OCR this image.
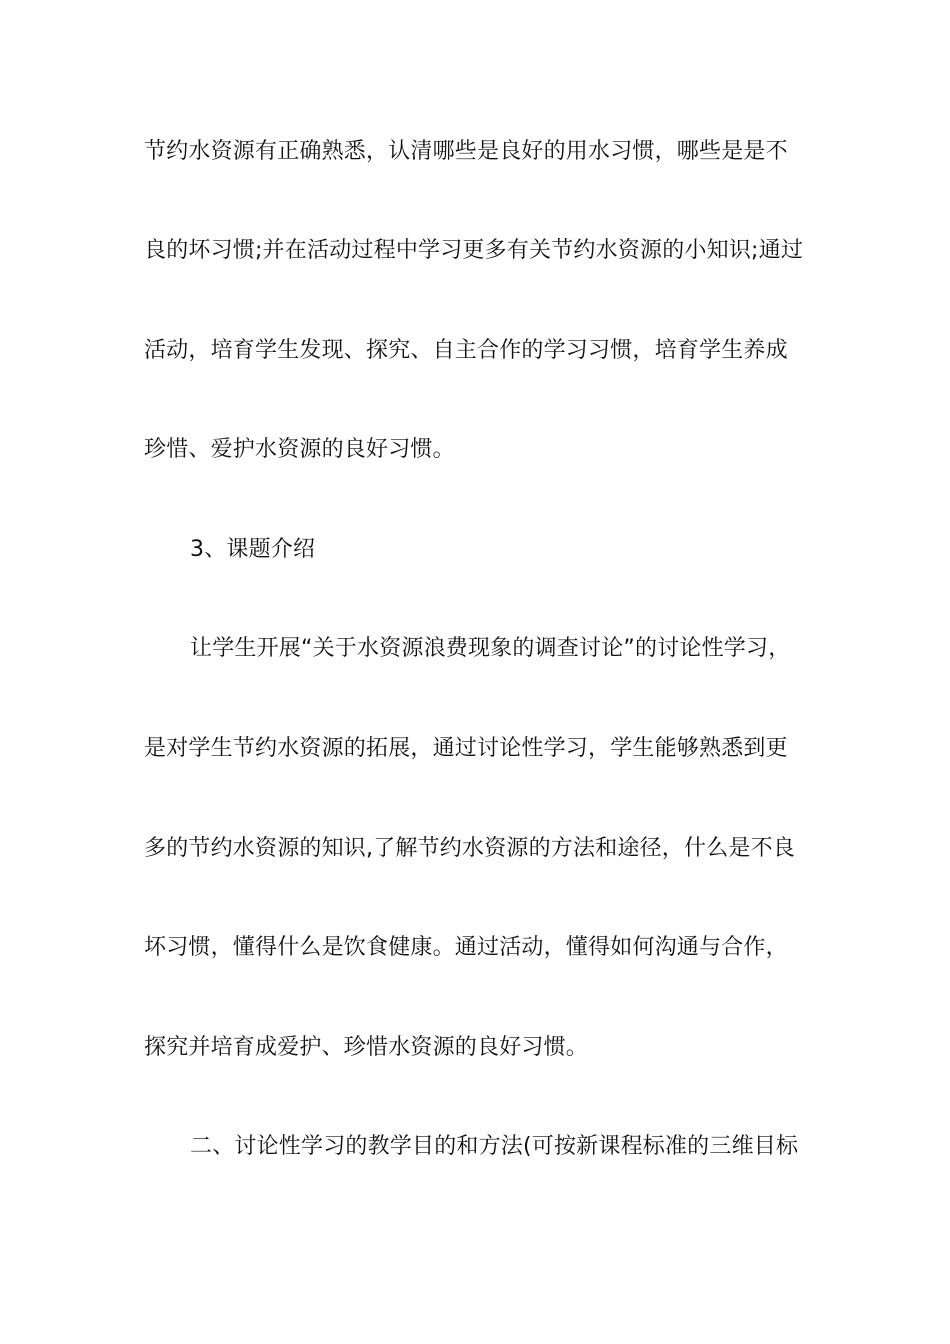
节约水资源有正确熟悉，认清哪些是良好的用水习惯，哪些是是不
良的坏习惯;并在活动过程中学习更多有关节约水资源的小知识;通过
活动，培育学生发现、探究、自主合作的学习习惯，培育学生养成
珍惜、爱护水资源的良好习惯。
3、课题介绍
让学生开展“关于水资源浪费现象的调查讨论”的讨论性学习，
是对学生节约水资源的拓展，通过讨论性学习，学生能够熟悉到更
多的节约水资源的知识,了解节约水资源的方法和途径，什么是不良
坏习惯，懂得什么是饮食健康。通过活动，懂得如何沟通与合作，
探究并培育成爱护、珍惜水资源的良好习惯。
二、讨论性学习的教学目的和方法(可按新课程标准的三维目标
